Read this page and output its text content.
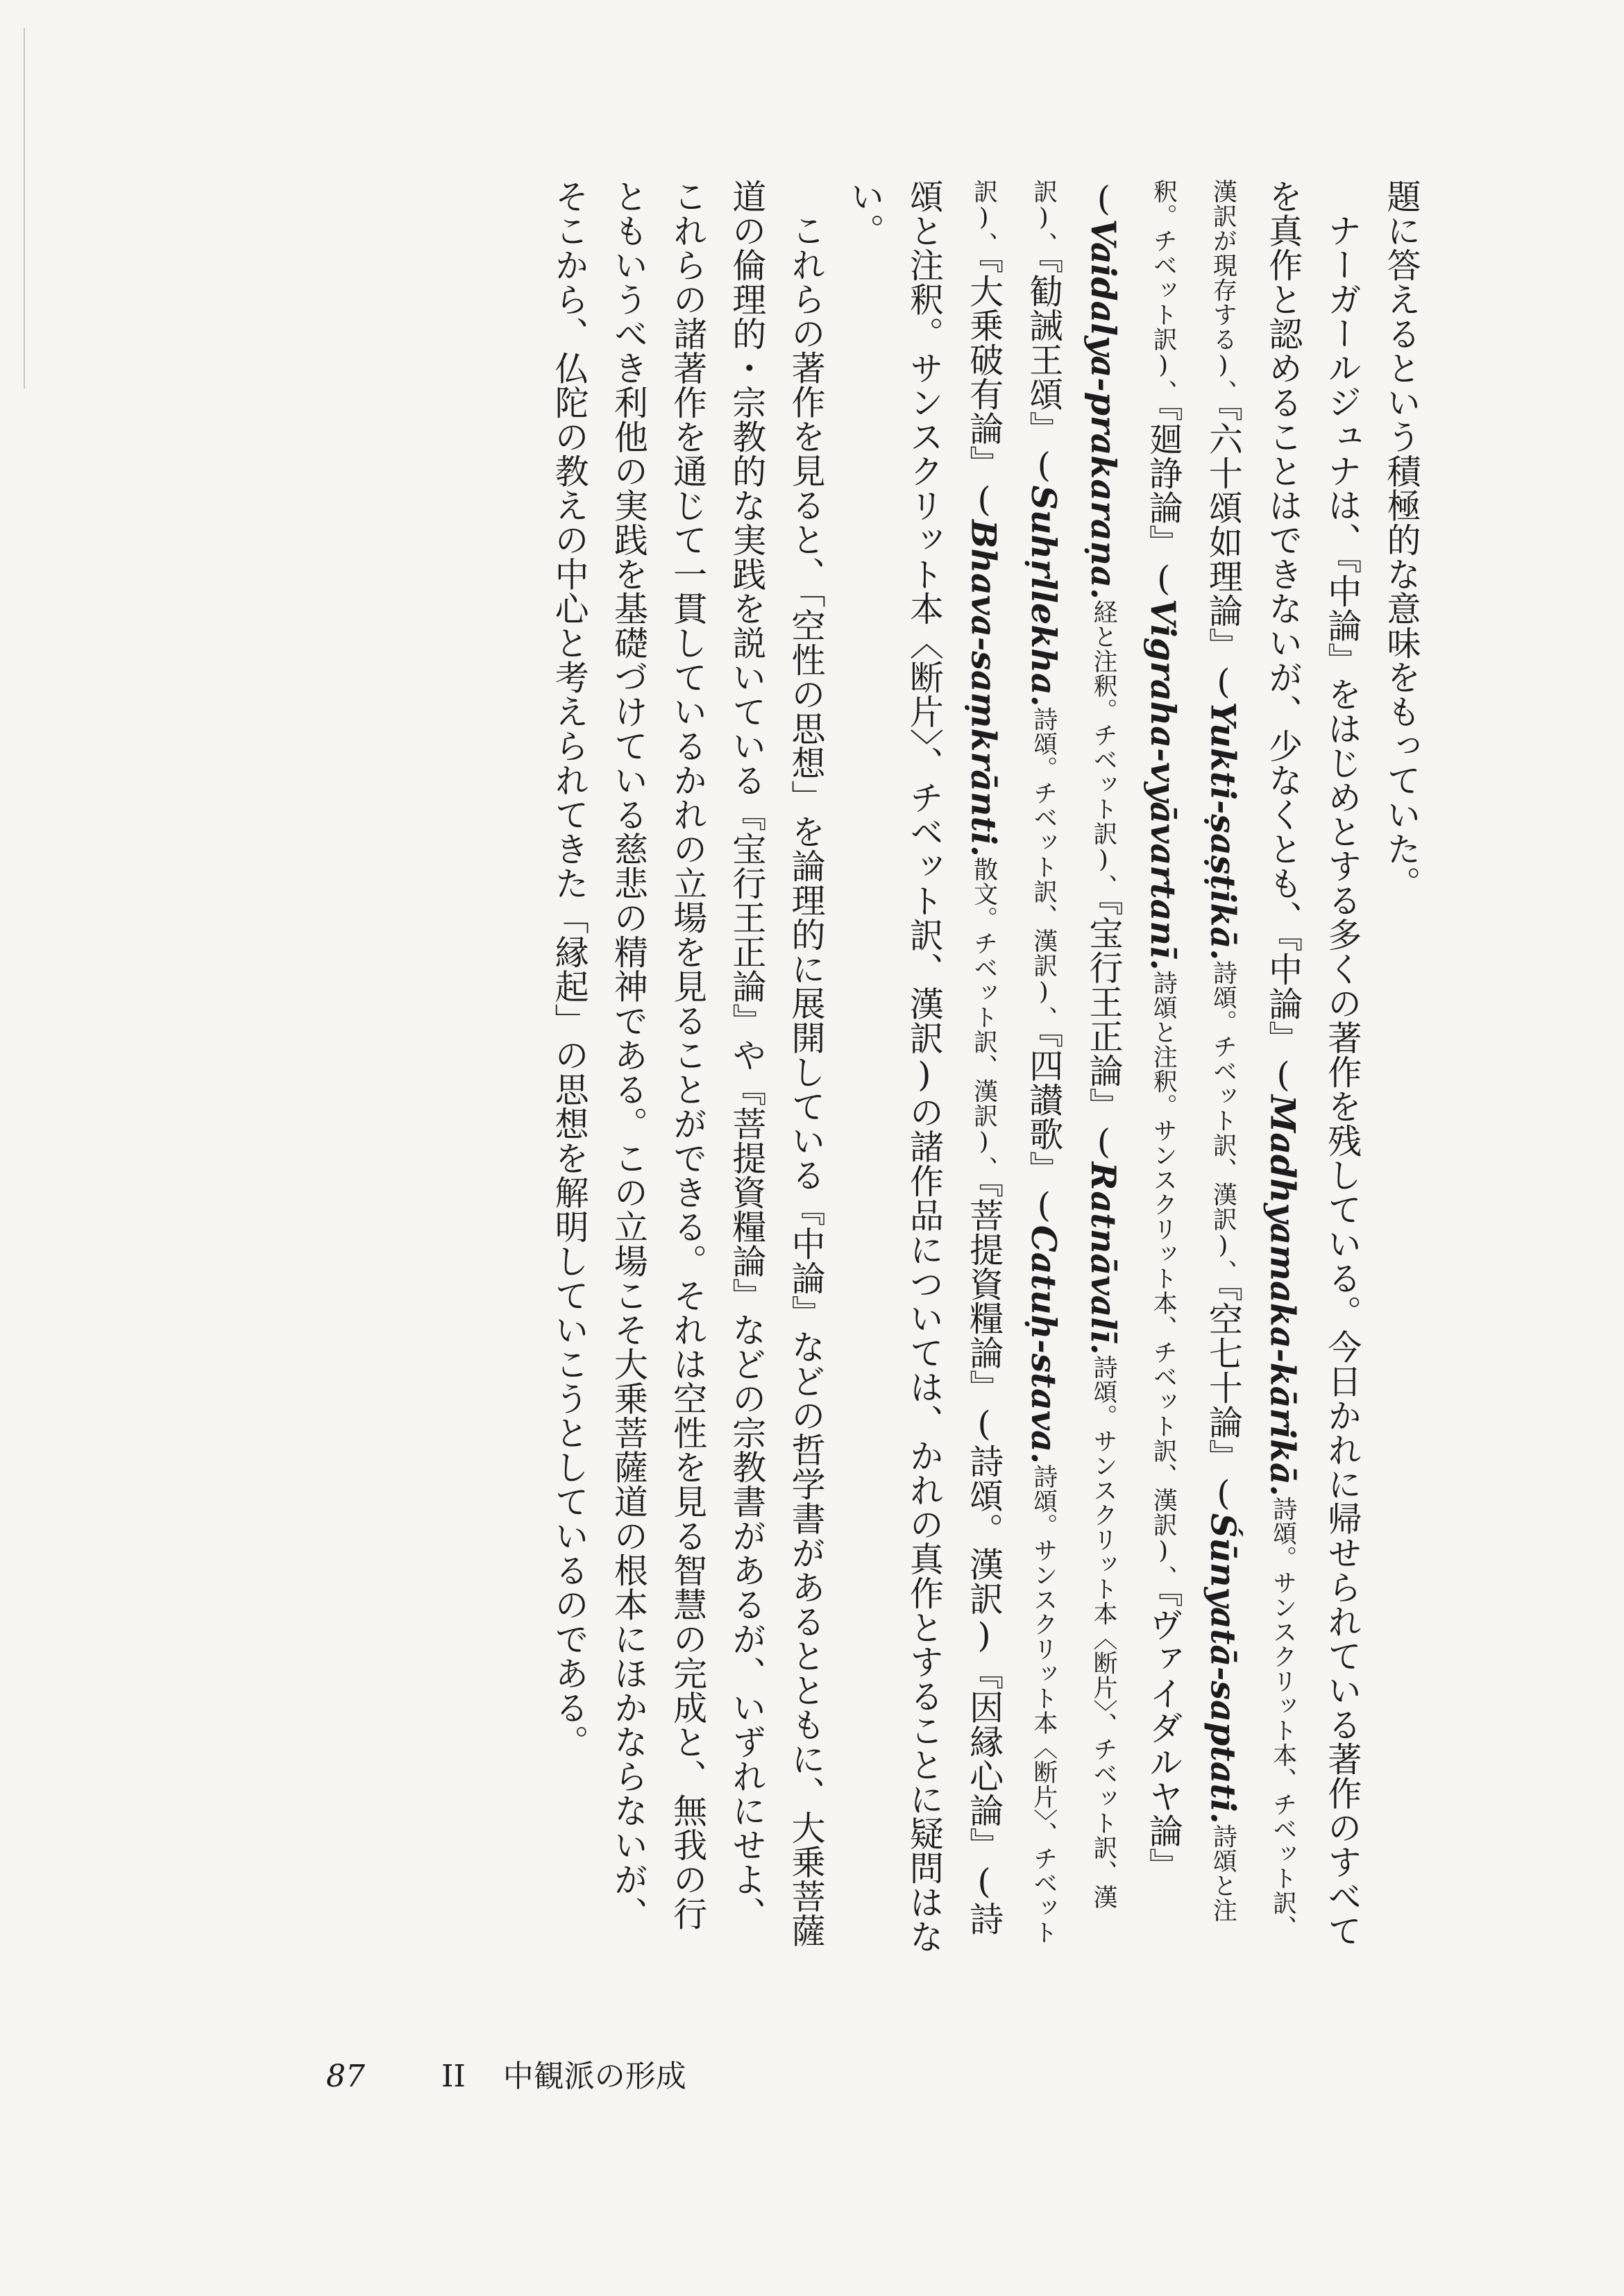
題に答えるという積極的な意味をもっていた。

ナーガールジュナは、『中論』をはじめとする多くの著作を残している。今日かれに帰せられている著作のすべてを真作と認めることはできないが、少なくとも、『中論』(Madhyamaka-kārikā.詩頌。サンスクリット本、チベット訳、漢訳が現存する)、『六十頌如理論』(Yukti-ṣaṣṭikā.詩頌。チベット訳、漢訳)、『空七十論』(Śūnyatā-saptati.詩頌と注釈。チベット訳)、『廻諍論』(Vigraha-vyāvartanī.詩頌と注釈。サンスクリット本、チベット訳、漢訳)、『ヴァイダルヤ論』(Vaidalya-prakaraṇa.経と注釈。チベット訳)、『宝行王正論』(Ratnāvalī.詩頌。サンスクリット本〈断片〉、チベット訳、漢訳)、『勧誡王頌』(Suhṛllekha.詩頌。チベット訳、漢訳)、『四讃歌』(Catuḥ-stava.詩頌。サンスクリット本〈断片〉、チベット訳)、『大乗破有論』(Bhava-saṃkrānti.散文。チベット訳、漢訳)、『菩提資糧論』(詩頌。漢訳)『因縁心論』(詩頌と注釈。サンスクリット本〈断片〉、チベット訳、漢訳)の諸作品については、かれの真作とすることに疑問はない。

これらの著作を見ると、「空性の思想」を論理的に展開している『中論』などの哲学書があるとともに、大乗菩薩道の倫理的・宗教的な実践を説いている『宝行王正論』や『菩提資糧論』などの宗教書があるが、いずれにせよ、これらの諸著作を通じて一貫しているかれの立場を見ることができる。それは空性を見る智慧の完成と、無我の行ともいうべき利他の実践を基礎づけている慈悲の精神である。この立場こそ大乗菩薩道の根本にほかならないが、そこから、仏陀の教えの中心と考えられてきた「縁起」の思想を解明していこうとしているのである。

87	II 中観派の形成
